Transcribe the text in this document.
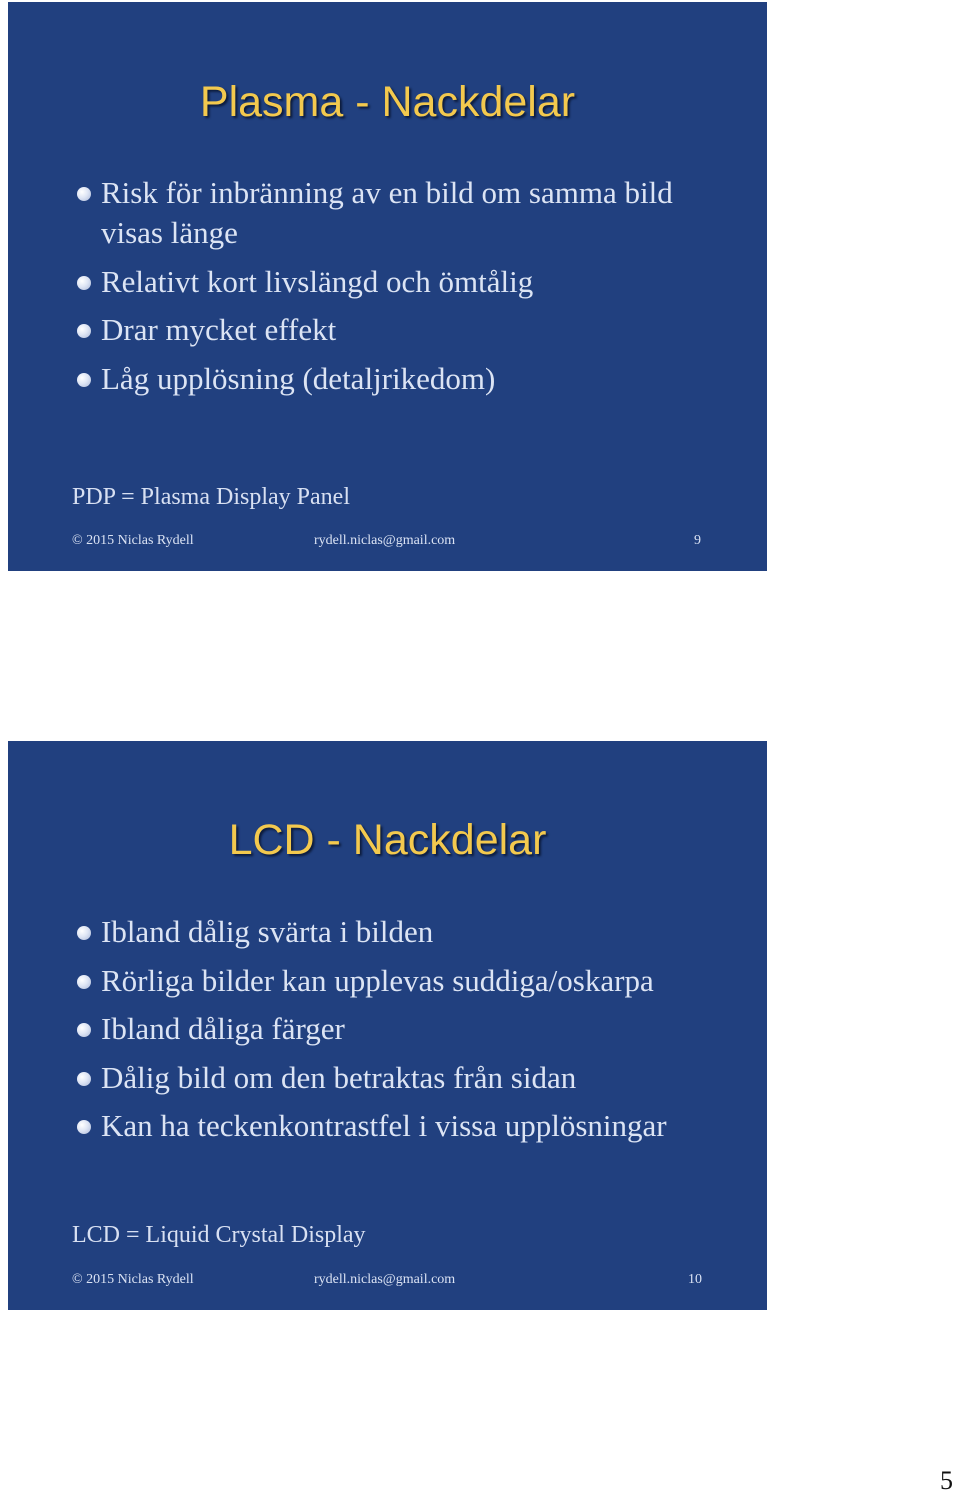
Plasma - Nackdelar
Risk för inbränning av en bild om samma bild visas länge
Relativt kort livslängd och ömtålig
Drar mycket effekt
Låg upplösning (detaljrikedom)
PDP = Plasma Display Panel
© 2015 Niclas Rydell	rydell.niclas@gmail.com	9
LCD - Nackdelar
Ibland dålig svärta i bilden
Rörliga bilder kan upplevas suddiga/oskarpa
Ibland dåliga färger
Dålig bild om den betraktas från sidan
Kan ha teckenkontrastfel i vissa upplösningar
LCD = Liquid Crystal Display
© 2015 Niclas Rydell	rydell.niclas@gmail.com	10
5
